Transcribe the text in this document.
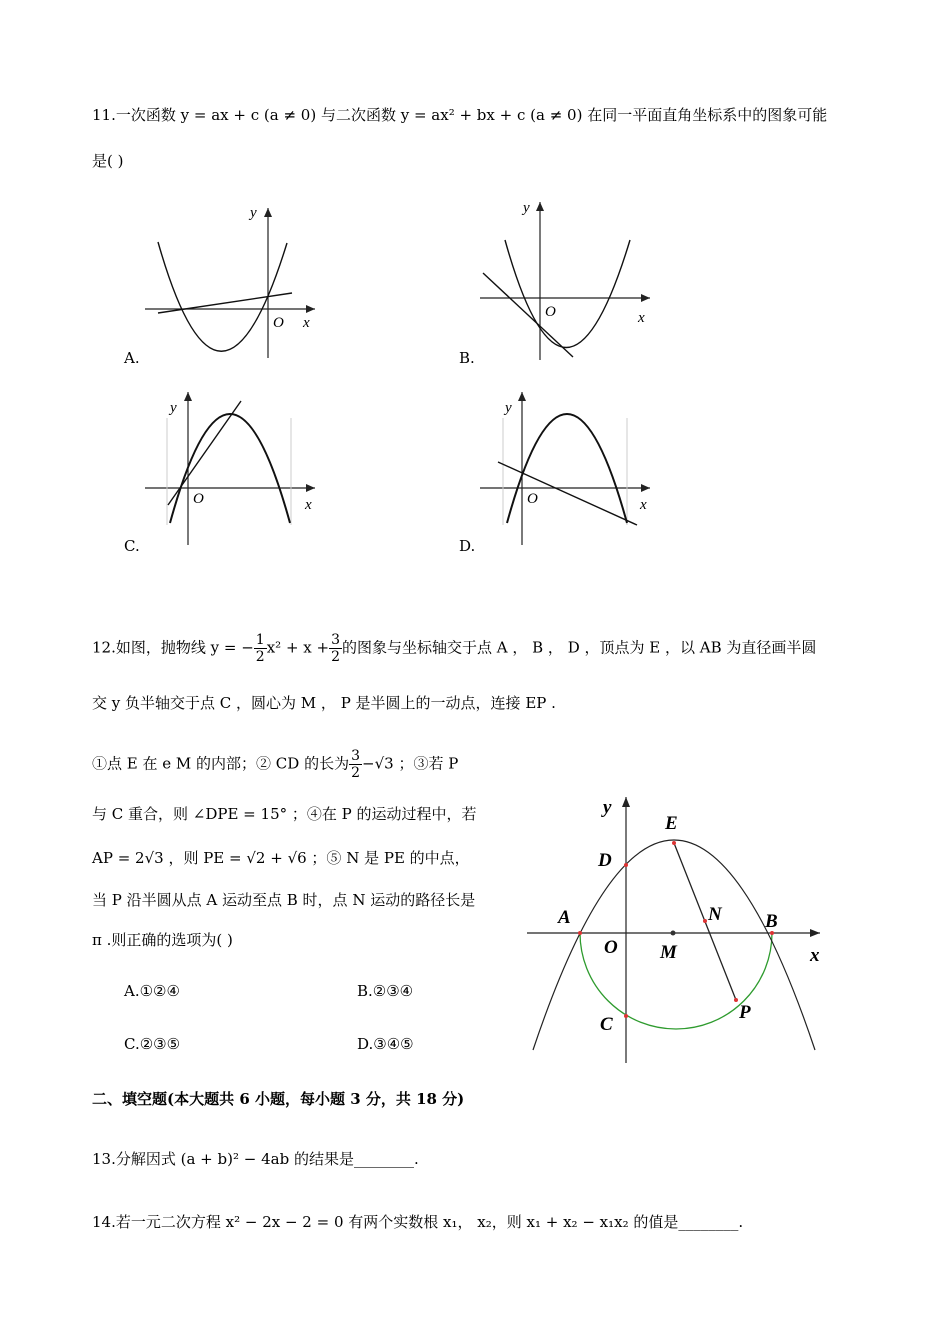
11.一次函数 y = ax + c (a ≠ 0) 与二次函数 y = ax² + bx + c (a ≠ 0) 在同一平面直角坐标系中的图象可能
是( )
y
x
O
A.
y
x
O
B.
y
x
O
C.
y
x
O
D.
12.如图，抛物线 y = − $\frac{1}{2} x^2 + x + \frac{3}{2}$ 的图象与坐标轴交于点 A ， B ， D ，顶点为 E ，以 AB 为直径画半圆
交 y 负半轴交于点 C ，圆心为 M ， P 是半圆上的一动点，连接 EP .
①点 E 在 e M 的内部；② CD 的长为 $\frac{3}{2} -√3$ ；③若 P
与 C 重合，则 ∠DPE = 15° ；④在 P 的运动过程中，若
AP = 2√3 ，则 PE = √2 + √6 ；⑤ N 是 PE 的中点，
当 P 沿半圆从点 A 运动至点 B 时，点 N 运动的路径长是
π .则正确的选项为( )
A.①②④	B.②③④
C.②③⑤	D.③④⑤
y
E
D
A	N B
O M	x
P
C
二、填空题(本大题共 6 小题，每小题 3 分，共 18 分)
13.分解因式 (a + b)² − 4ab 的结果是________.
14.若一元二次方程 x² − 2x − 2 = 0 有两个实数根 x₁， x₂，则 x₁ + x₂ − x₁x₂ 的值是________.
